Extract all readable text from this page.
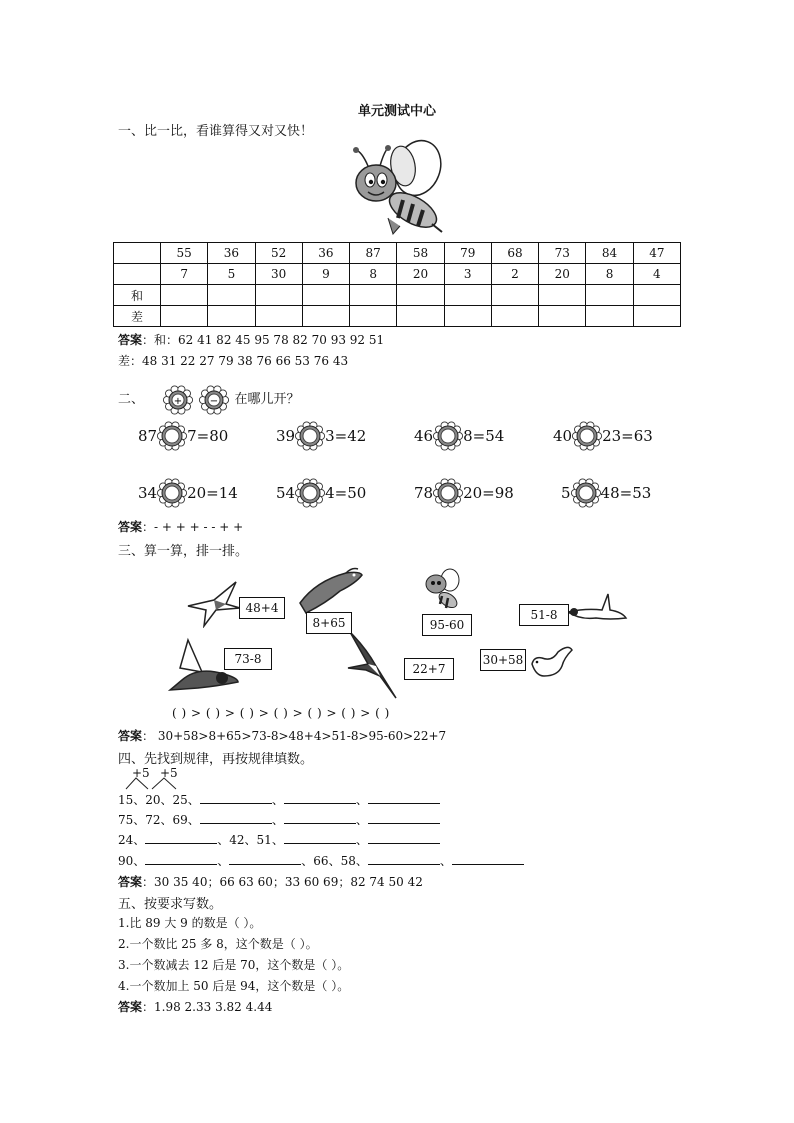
单元测试中心
一、比一比，看谁算得又对又快！
	55	36	52	36	87	58	79	68	73	84	47
	7	5	30	9	8	20	3	2	20	8	4
和											
差											
答案：和：62 41 82 45 95 78 82 70 93 92 51
差：48 31 22 27 79 38 76 66 53 76 43
二、	+
	− 在哪儿开？
87 7=80	39 3=42	46 8=54	40 23=63
34 20=14	54 4=50	78 20=98	5 48=53
答案：- + + + - - + +
三、算一算，排一排。
48+4
8+65	95-60
51-8
73-8
22+7
30+58
( ) > ( ) > ( ) > ( ) > ( ) > ( ) > ( )
答案： 30+58>8+65>73-8>48+4>51-8>95-60>22+7
四、先找到规律，再按规律填数。
+5 +5
15、20、25、	、	、
75、72、69、	、	、
24、	、42、51、	、
90、	、	、66、58、	、
答案：30 35 40；66 63 60；33 60 69；82 74 50 42
五、按要求写数。
1.比 89 大 9 的数是（ ）。
2.一个数比 25 多 8，这个数是（ ）。
3.一个数减去 12 后是 70，这个数是（ ）。
4.一个数加上 50 后是 94，这个数是（ ）。
答案：1.98 2.33 3.82 4.44
